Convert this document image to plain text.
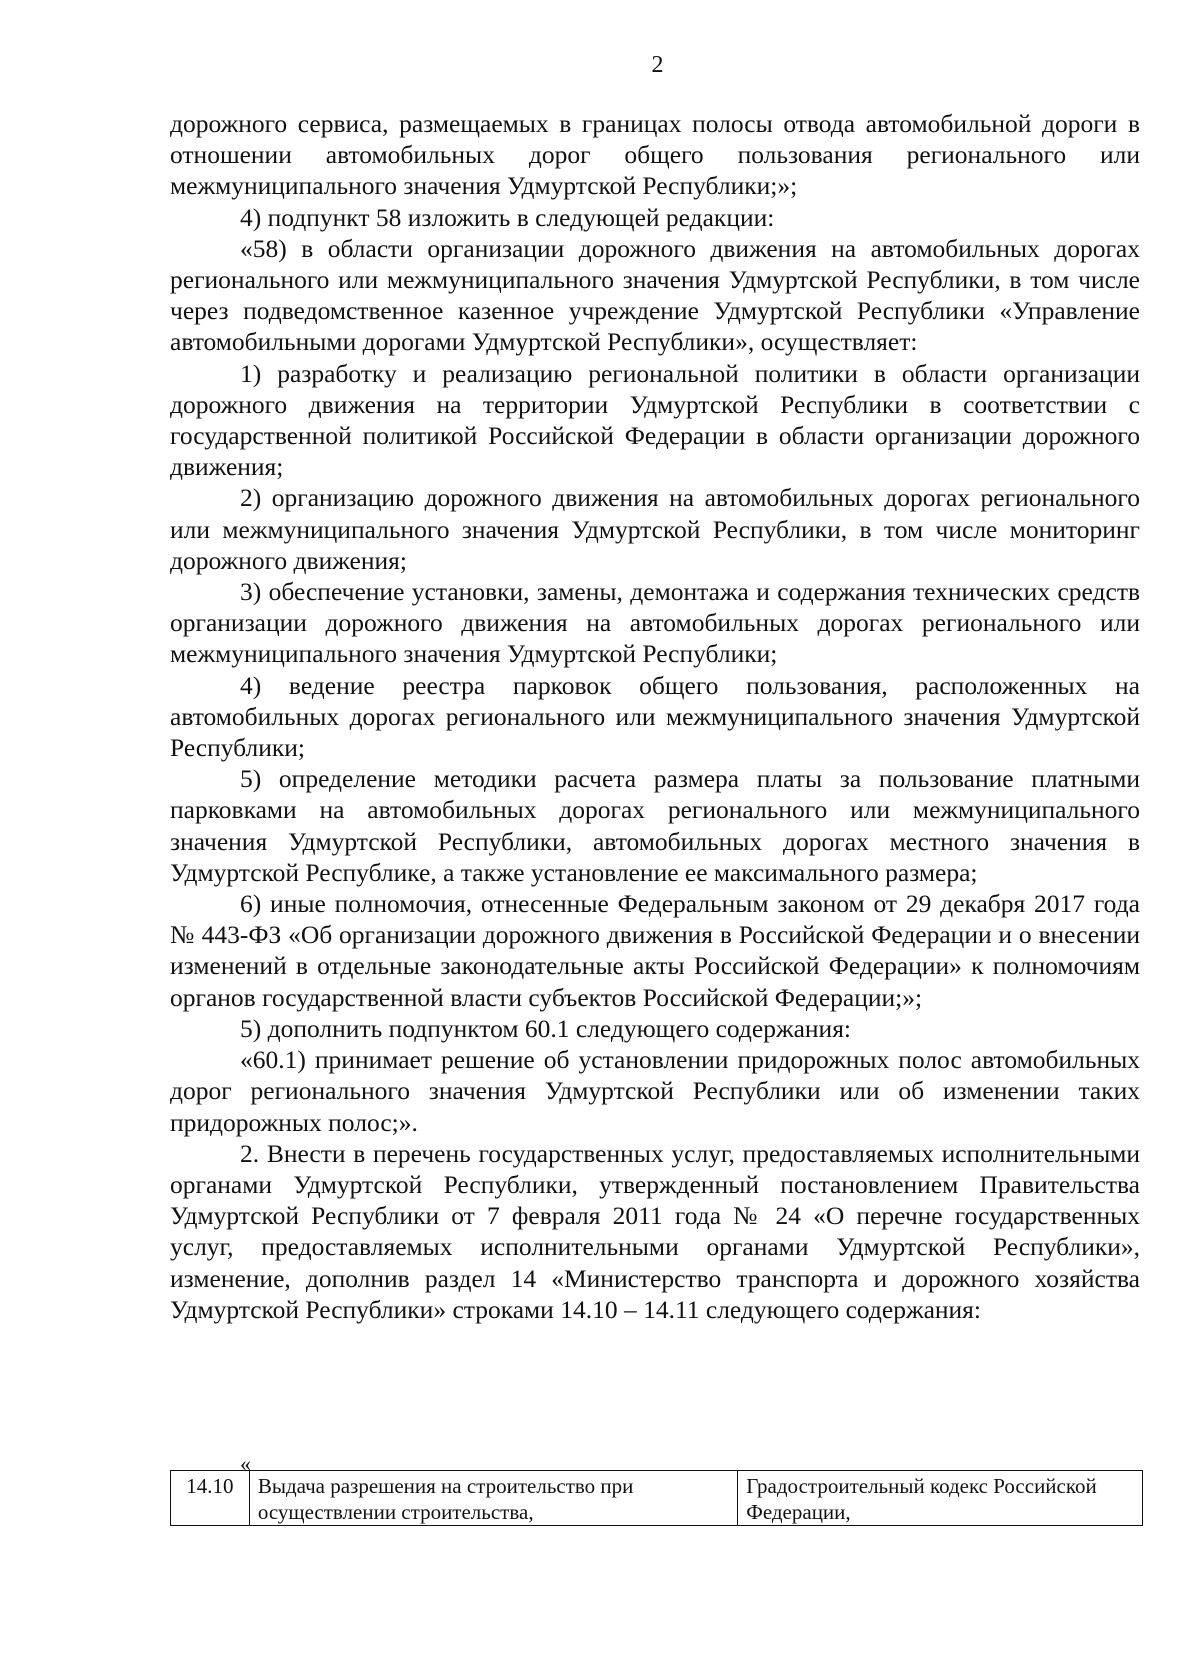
2

дорожного сервиса, размещаемых в границах полосы отвода автомобильной дороги в отношении автомобильных дорог общего пользования регионального или межмуниципального значения Удмуртской Республики;»;

4) подпункт 58 изложить в следующей редакции:

«58) в области организации дорожного движения на автомобильных дорогах регионального или межмуниципального значения Удмуртской Республики, в том числе через подведомственное казенное учреждение Удмуртской Республики «Управление автомобильными дорогами Удмуртской Республики», осуществляет:

1) разработку и реализацию региональной политики в области организации дорожного движения на территории Удмуртской Республики в соответствии с государственной политикой Российской Федерации в области организации дорожного движения;

2) организацию дорожного движения на автомобильных дорогах регионального или межмуниципального значения Удмуртской Республики, в том числе мониторинг дорожного движения;

3) обеспечение установки, замены, демонтажа и содержания технических средств организации дорожного движения на автомобильных дорогах регионального или межмуниципального значения Удмуртской Республики;

4) ведение реестра парковок общего пользования, расположенных на автомобильных дорогах регионального или межмуниципального значения Удмуртской Республики;

5) определение методики расчета размера платы за пользование платными парковками на автомобильных дорогах регионального или межмуниципального значения Удмуртской Республики, автомобильных дорогах местного значения в Удмуртской Республике, а также установление ее максимального размера;

6) иные полномочия, отнесенные Федеральным законом от 29 декабря 2017 года № 443-ФЗ «Об организации дорожного движения в Российской Федерации и о внесении изменений в отдельные законодательные акты Российской Федерации» к полномочиям органов государственной власти субъектов Российской Федерации;»;

5) дополнить подпунктом 60.1 следующего содержания:

«60.1) принимает решение об установлении придорожных полос автомобильных дорог регионального значения Удмуртской Республики или об изменении таких придорожных полос;».

2. Внести в перечень государственных услуг, предоставляемых исполнительными органами Удмуртской Республики, утвержденный постановлением Правительства Удмуртской Республики от 7 февраля 2011 года № 24 «О перечне государственных услуг, предоставляемых исполнительными органами Удмуртской Республики», изменение, дополнив раздел 14 «Министерство транспорта и дорожного хозяйства Удмуртской Республики» строками 14.10 – 14.11 следующего содержания:

«
14.10	Выдача разрешения на строительство при осуществлении строительства,	Градостроительный кодекс Российской Федерации,
